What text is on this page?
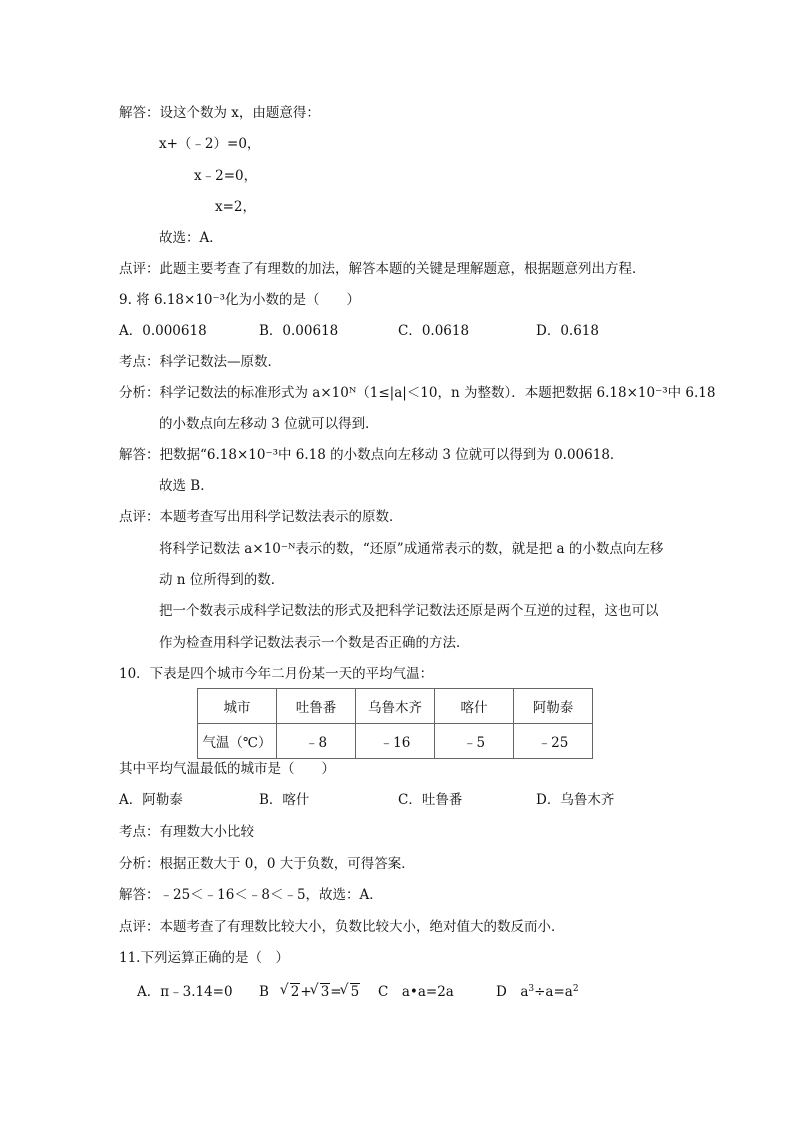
解答：设这个数为 x，由题意得：
x+（﹣2）=0，
x﹣2=0，
x=2，
故选：A．
点评：此题主要考查了有理数的加法，解答本题的关键是理解题意，根据题意列出方程．
9. 将 6.18×10⁻³化为小数的是（　　）
A．0.000618	B．0.00618	C．0.0618	D．0.618
考点：科学记数法—原数．
分析：科学记数法的标准形式为 a×10ᴺ（1≤|a|＜10，n 为整数）．本题把数据 6.18×10⁻³中 6.18
的小数点向左移动 3 位就可以得到．
解答：把数据“6.18×10⁻³中 6.18 的小数点向左移动 3 位就可以得到为 0.00618．
故选 B．
点评：本题考查写出用科学记数法表示的原数．
将科学记数法 a×10⁻ᴺ表示的数，“还原”成通常表示的数，就是把 a 的小数点向左移
动 n 位所得到的数．
把一个数表示成科学记数法的形式及把科学记数法还原是两个互逆的过程，这也可以
作为检查用科学记数法表示一个数是否正确的方法．
10．下表是四个城市今年二月份某一天的平均气温：
城市	吐鲁番	乌鲁木齐	喀什	阿勒泰
气温（℃）	﹣8	﹣16	﹣5	﹣25
其中平均气温最低的城市是（　　）
A．阿勒泰	B．喀什	C．吐鲁番	D．乌鲁木齐
考点：有理数大小比较
分析：根据正数大于 0，0 大于负数，可得答案．
解答：﹣25＜﹣16＜﹣8＜﹣5，故选：A．
点评：本题考查了有理数比较大小，负数比较大小，绝对值大的数反而小．
11.下列运算正确的是（　）
A．π﹣3.14=0 B √ 2+ √ 3= √ 5 C　a•a=2a	D　$a^3\div a=a^2$
